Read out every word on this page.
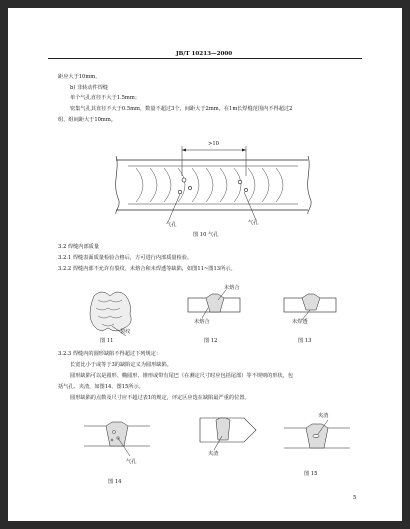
JB/T 10213—2000
距应大于10mm。
b) 非转动件焊缝
单个气孔直径不大于1.5mm；
密集气孔其直径不大于0.5mm，数量不超过3个，间距大于2mm，在1m长焊缝范围内不得超过2
组，组间距大于10mm。
>10
气孔	气孔
图 10 气孔
3.2 焊缝内部质量
3.2.1 焊缝表面质量检验合格后，方可进行内部质量检验。
3.2.2 焊缝内部不允许有裂纹、未熔合和未焊透等缺陷，如图11~图13所示。
裂纹
未熔合
未熔合	未焊透
图 11	图 12	图 13
3.2.3 焊缝内的圆形缺陷不得超过下列规定：
长宽比小于或等于3的缺陷定义为圆形缺陷。
圆形缺陷可以是圆形、椭圆形、锥形或带有尾巴（在测定尺寸时应包括尾部）等不规则的形状，包
括气孔、夹渣，如图14、图15所示。
圆形缺陷的点数及尺寸应不超过表1的规定，评定区应选在缺陷最严重的位置。
气孔
夹渣
夹渣
图 14
图 15
5
